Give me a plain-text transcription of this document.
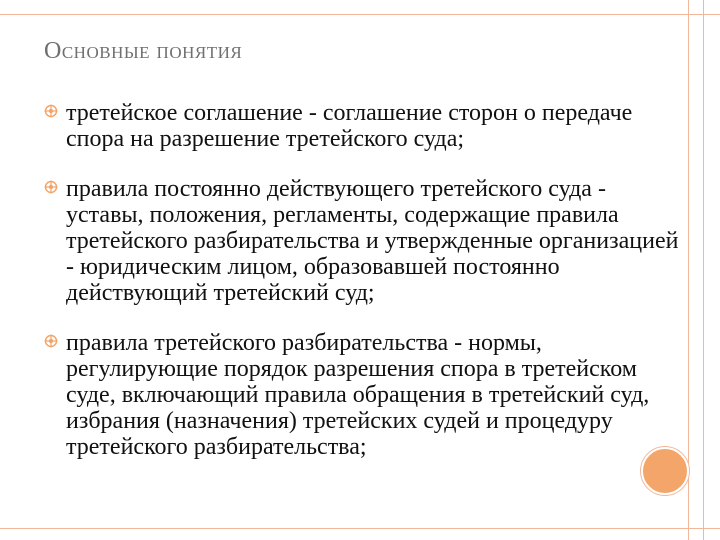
Основные понятия
третейское соглашение - соглашение сторон о передаче спора на разрешение третейского суда;
правила постоянно действующего третейского суда - уставы, положения, регламенты, содержащие правила третейского разбирательства и утвержденные организацией - юридическим лицом, образовавшей постоянно действующий третейский суд;
правила третейского разбирательства - нормы, регулирующие порядок разрешения спора в третейском суде, включающий правила обращения в третейский суд, избрания (назначения) третейских судей и процедуру третейского разбирательства;
